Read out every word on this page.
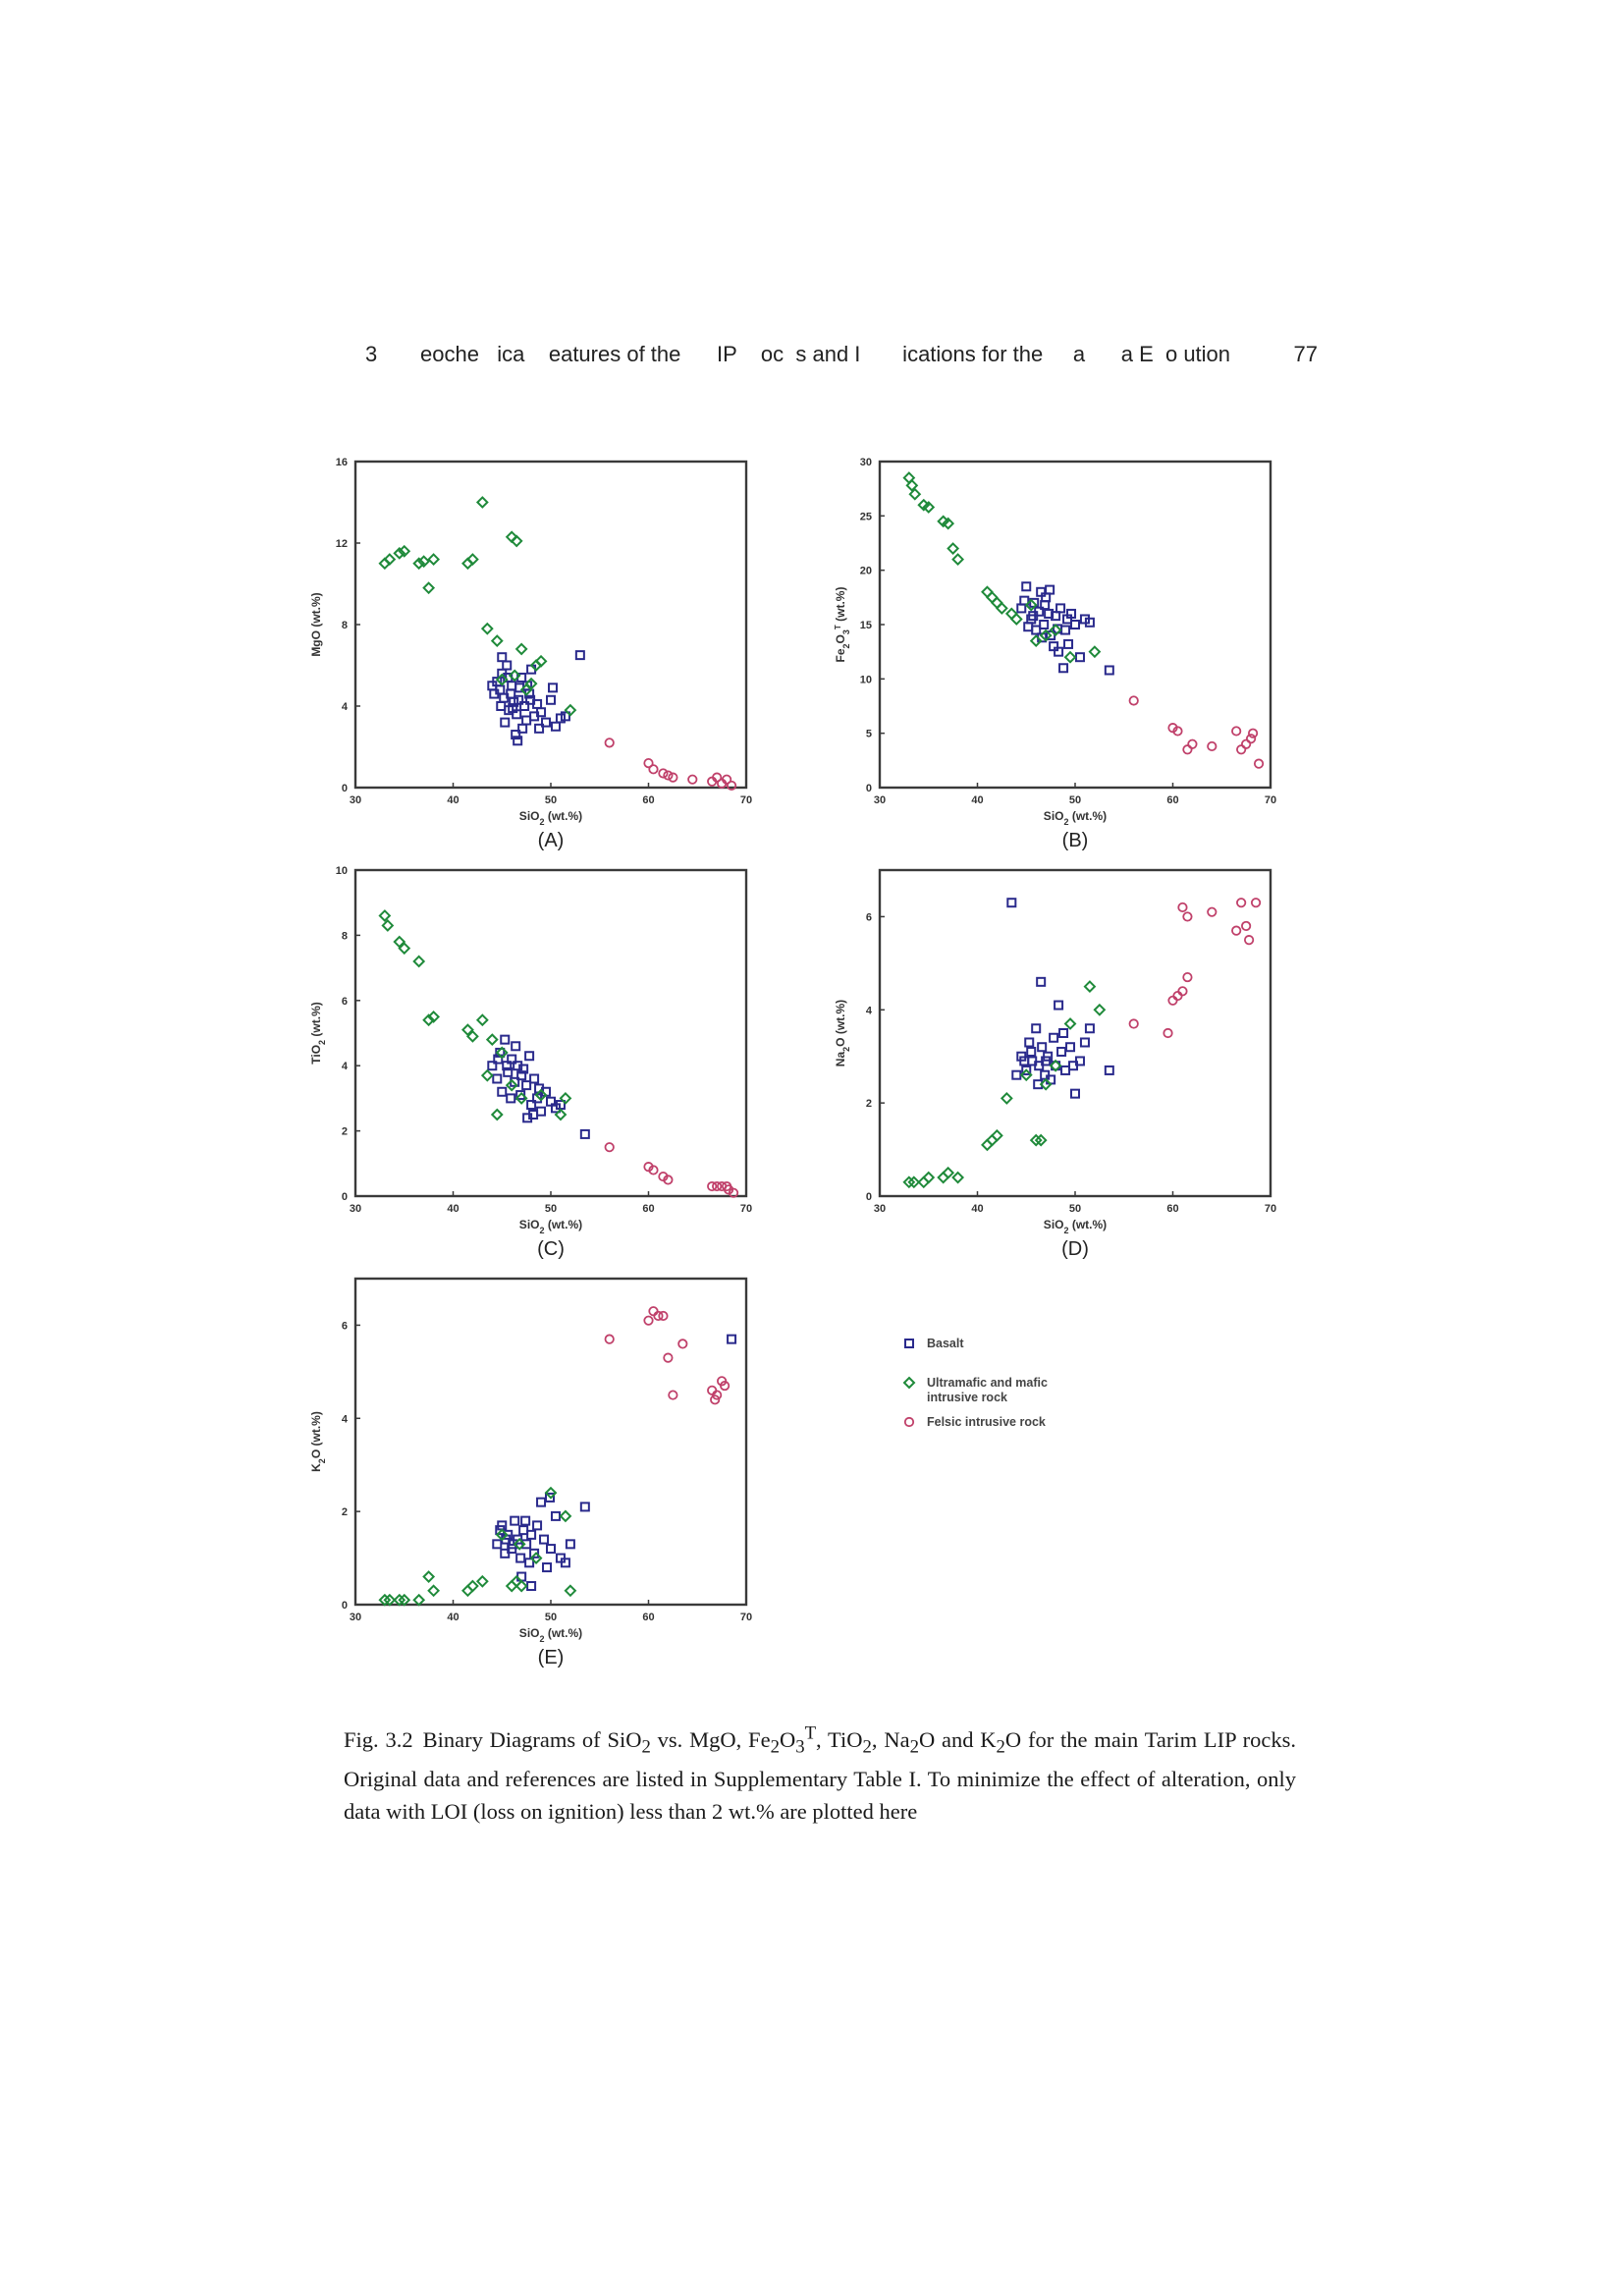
3 eoche   ica    eatures of the      IP    oc  s and I       ications for the     a      a E  o ution	77
30	40	50	60	70
0
4
8
12
16
SiO$_2$ (wt.%)
MgO (wt.%)
(A)
30	40	50	60	70
0
5
10
15
20
25
30
SiO$_2$ (wt.%)
$Fe_2O_3^T$ (wt.%)
(B)
30	40	50	60	70
0
2
4
6
8
10
SiO$_2$ (wt.%)
TiO$_2$ (wt.%)
(C)
30	40	50	60	70
0
2
4
6
SiO$_2$ (wt.%)
$Na_2O$ (wt.%)
(D)
30	40	50	60	70
0
2
4
6
SiO$_2$ (wt.%)
$K_2O$ (wt.%)
(E)
Basalt
Ultramafic and mafic
intrusive rock
Felsic intrusive rock
Fig. 3.2 Binary Diagrams of SiO$_2$ vs. MgO, $Fe_2O_3^T$, TiO$_2$, $Na_2O$ and $K_2O$ for the main Tarim LIP rocks. Original data and references are listed in Supplementary Table I. To minimize the effect of alteration, only data with LOI (loss on ignition) less than 2 wt.% are plotted here
